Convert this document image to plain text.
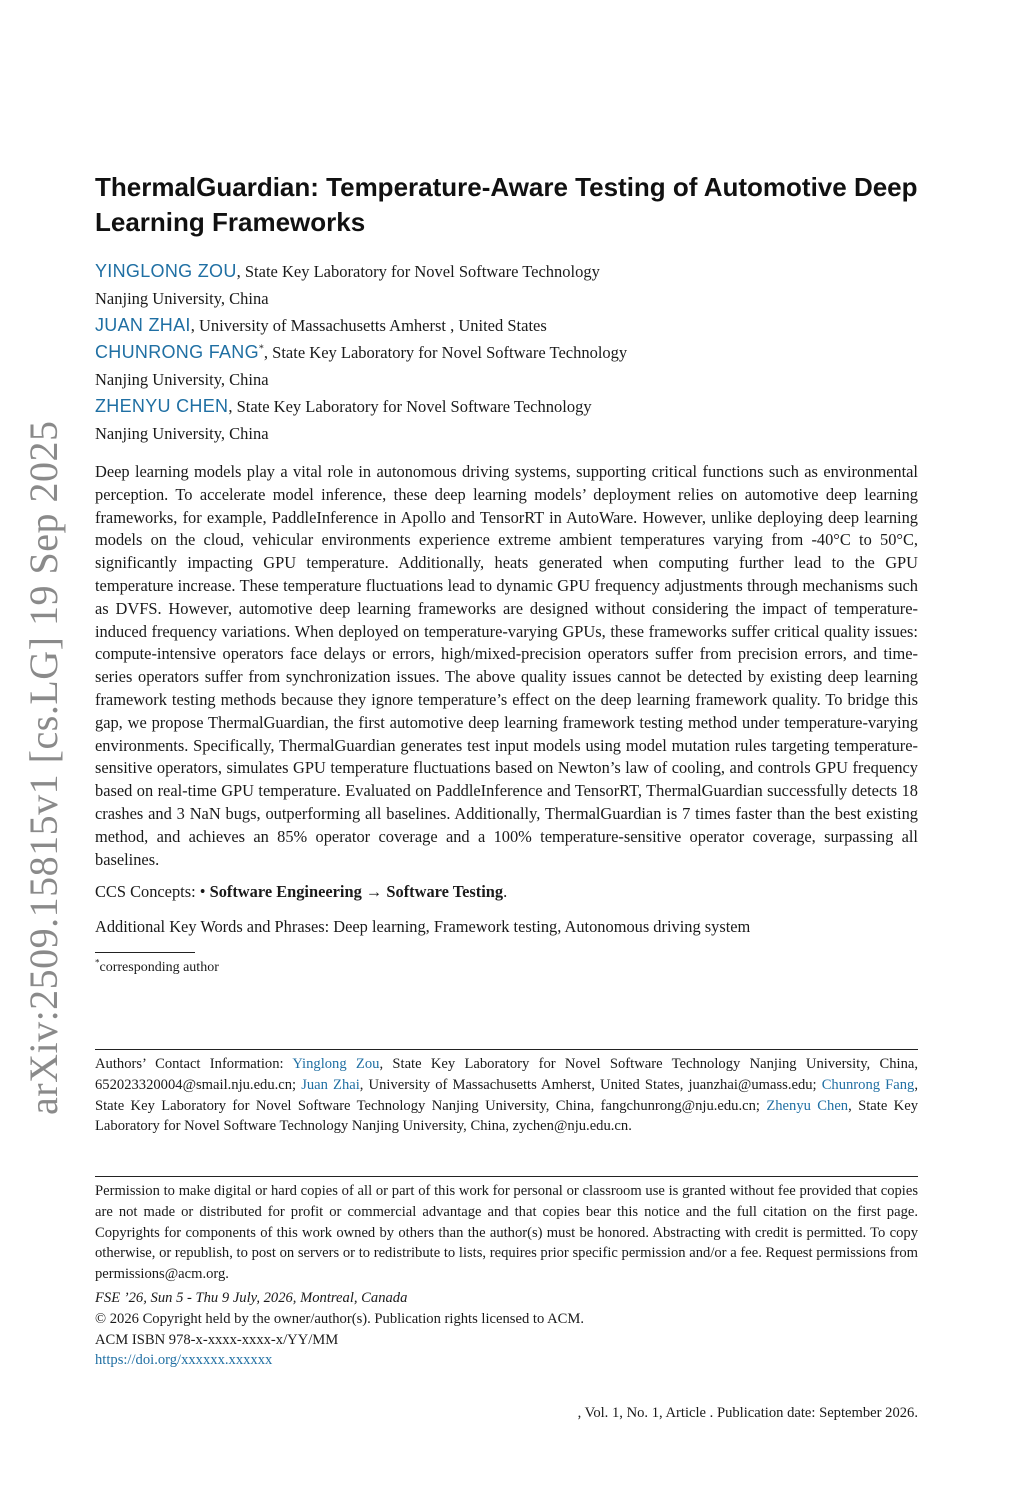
arXiv:2509.15815v1 [cs.LG] 19 Sep 2025
ThermalGuardian: Temperature-Aware Testing of Automotive Deep Learning Frameworks
YINGLONG ZOU, State Key Laboratory for Novel Software Technology
Nanjing University, China
JUAN ZHAI, University of Massachusetts Amherst , United States
CHUNRONG FANG*, State Key Laboratory for Novel Software Technology
Nanjing University, China
ZHENYU CHEN, State Key Laboratory for Novel Software Technology
Nanjing University, China

Deep learning models play a vital role in autonomous driving systems, supporting critical functions such as environmental perception. To accelerate model inference, these deep learning models’ deployment relies on automotive deep learning frameworks, for example, PaddleInference in Apollo and TensorRT in AutoWare. However, unlike deploying deep learning models on the cloud, vehicular environments experience extreme ambient temperatures varying from -40°C to 50°C, significantly impacting GPU temperature. Additionally, heats generated when computing further lead to the GPU temperature increase. These temperature fluctuations lead to dynamic GPU frequency adjustments through mechanisms such as DVFS. However, automotive deep learning frameworks are designed without considering the impact of temperature-induced frequency variations. When deployed on temperature-varying GPUs, these frameworks suffer critical quality issues: compute-intensive operators face delays or errors, high/mixed-precision operators suffer from precision errors, and time-series operators suffer from synchronization issues. The above quality issues cannot be detected by existing deep learning framework testing methods because they ignore temperature’s effect on the deep learning framework quality. To bridge this gap, we propose ThermalGuardian, the first automotive deep learning framework testing method under temperature-varying environments. Specifically, ThermalGuardian generates test input models using model mutation rules targeting temperature-sensitive operators, simulates GPU temperature fluctuations based on Newton’s law of cooling, and controls GPU frequency based on real-time GPU temperature. Evaluated on PaddleInference and TensorRT, ThermalGuardian successfully detects 18 crashes and 3 NaN bugs, outperforming all baselines. Additionally, ThermalGuardian is 7 times faster than the best existing method, and achieves an 85% operator coverage and a 100% temperature-sensitive operator coverage, surpassing all baselines.

CCS Concepts: • Software Engineering → Software Testing.
Additional Key Words and Phrases: Deep learning, Framework testing, Autonomous driving system
*corresponding author
Authors’ Contact Information: Yinglong Zou, State Key Laboratory for Novel Software Technology Nanjing University, China, 652023320004@smail.nju.edu.cn; Juan Zhai, University of Massachusetts Amherst, United States, juanzhai@umass.edu; Chunrong Fang, State Key Laboratory for Novel Software Technology Nanjing University, China, fangchunrong@nju.edu.cn; Zhenyu Chen, State Key Laboratory for Novel Software Technology Nanjing University, China, zychen@nju.edu.cn.
Permission to make digital or hard copies of all or part of this work for personal or classroom use is granted without fee provided that copies are not made or distributed for profit or commercial advantage and that copies bear this notice and the full citation on the first page. Copyrights for components of this work owned by others than the author(s) must be honored. Abstracting with credit is permitted. To copy otherwise, or republish, to post on servers or to redistribute to lists, requires prior specific permission and/or a fee. Request permissions from permissions@acm.org.
FSE ’26, Sun 5 - Thu 9 July, 2026, Montreal, Canada
© 2026 Copyright held by the owner/author(s). Publication rights licensed to ACM.
ACM ISBN 978-x-xxxx-xxxx-x/YY/MM
https://doi.org/xxxxxx.xxxxxx
, Vol. 1, No. 1, Article . Publication date: September 2026.
